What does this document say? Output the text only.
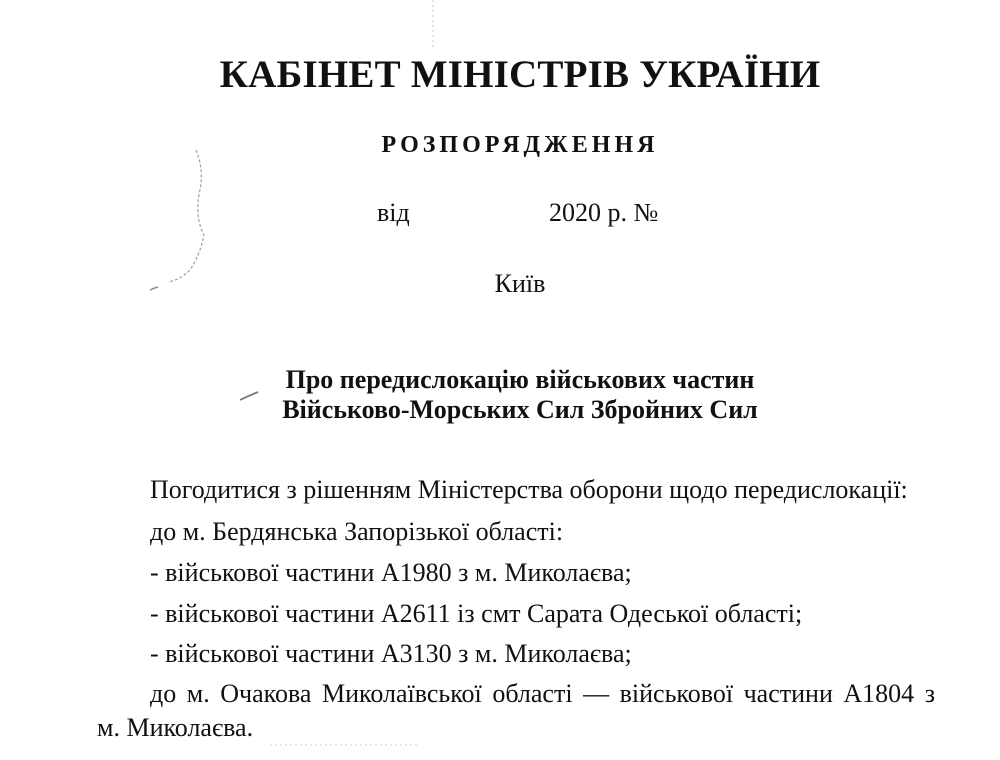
КАБІНЕТ МІНІСТРІВ УКРАЇНИ
РОЗПОРЯДЖЕННЯ
від	2020 р. №
Київ
Про передислокацію військових частин
Військово-Морських Сил Збройних Сил
Погодитися з рішенням Міністерства оборони щодо передислокації:
до м. Бердянська Запорізької області:
- військової частини А1980 з м. Миколаєва;
- військової частини А2611 із смт Сарата Одеської області;
- військової частини А3130 з м. Миколаєва;
до м. Очакова Миколаївської області — військової частини А1804 з
м. Миколаєва.
